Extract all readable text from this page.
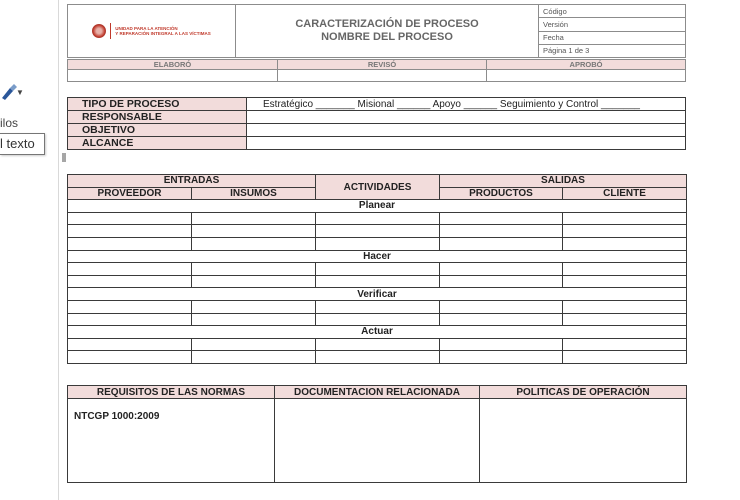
▼
ilos
l texto
UNIDAD PARA LA ATENCIÓN
Y REPARACIÓN INTEGRAL A LAS VÍCTIMAS

CARACTERIZACIÓN DE PROCESO
NOMBRE DEL PROCESO
	Código
Versión
Fecha
Página 1 de 3
ELABORÓ	REVISÓ	APROBÓ

TIPO DE PROCESO	Estratégico _______ Misional ______ Apoyo ______ Seguimiento y Control _______
RESPONSABLE	
OBJETIVO	
ALCANCE	
ENTRADAS		ACTIVIDADES	SALIDAS	
PROVEEDOR	INSUMOS		PRODUCTOS	CLIENTE
Planear				

Hacer				

Verificar				

Actuar				

REQUISITOS DE LAS NORMAS	DOCUMENTACION RELACIONADA	POLITICAS DE OPERACIÓN
NTCGP 1000:2009		
